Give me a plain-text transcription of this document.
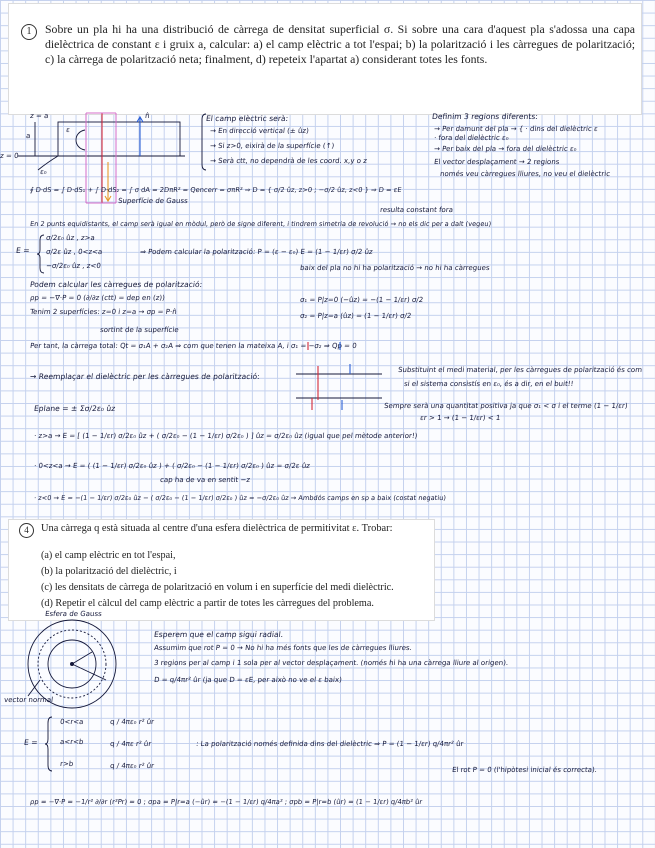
1	Sobre un pla hi ha una distribució de càrrega de densitat superficial σ. Si sobre una cara d'aquest pla s'adossa una capa dielèctrica de constant ε i gruix a, calcular: a) el camp elèctric a tot l'espai; b) la polarització i les càrregues de polarització; c) la càrrega de polarització neta; finalment, d) repeteix l'apartat a) considerant totes les fonts.
z = a
z = 0
a
ε
ε₀
Superfície de Gauss
n̂	El camp elèctric serà:
→ En direcció vertical (± ûz)
→ Si z>0, eixirà de la superfície (↑)
→ Serà ctt, no dependrà de les coord. x,y o z
Definim 3 regions diferents:
→ Per damunt del pla → { · dins del dielèctric ε
· fora del dielèctric ε₀
→ Per baix del pla → fora del dielèctric ε₀
El vector desplaçament → 2 regions
només veu càrregues lliures, no veu el dielèctric
∮ D·dS = ∫ D·dS₁ + ∫ D·dS₂ = ∫ σ dA = 2DπR² = Qencerr = σπR² ⇒ D = { σ/2 ûz, z>0 ; −σ/2 ûz, z<0 } ⇒ D = εE
resulta constant fora
En 2 punts equidistants, el camp serà igual en mòdul, però de signe diferent, i tindrem simetria de revolució → no els dic per a dalt (vegeu)
E =
σ/2ε₀ ûz , z>a
σ/2ε ûz , 0<z<a
−σ/2ε₀ ûz , z<0
⇒ Podem calcular la polarització: P = (ε − ε₀) E = (1 − 1/εr) σ/2 ûz
baix del pla no hi ha polarització → no hi ha càrregues
Podem calcular les càrregues de polarització:
ρp = −∇·P = 0 (∂/∂z (ctt) = dep en (z))
Tenim 2 superfícies: z=0 i z=a → σp = P·n̂
σ₁ = P|z=0 (−ûz) = −(1 − 1/εr) σ/2
σ₂ = P|z=a (ûz) = (1 − 1/εr) σ/2
sortint de la superfície
Per tant, la càrrega total: Qt = σ₁A + σ₂A ⇒ com que tenen la mateixa A, i σ₁ = −σ₂ ⇒ Qp = 0
→ Reemplaçar el dielèctric per les càrregues de polarització:
Substituint el medi material, per les càrregues de polarització és com
si el sistema consistís en ε₀, és a dir, en el buit!!
Eplane = ± Σσ/2ε₀ ûz	Sempre serà una quantitat positiva ja que σ₁ < σ i el terme (1 − 1/εr)
εr > 1 → (1 − 1/εr) < 1
· z>a → E = [ (1 − 1/εr) σ/2ε₀ ûz + ( σ/2ε₀ − (1 − 1/εr) σ/2ε₀ ) ] ûz = σ/2ε₀ ûz (igual que pel mètode anterior!)
· 0<z<a → E = ( (1 − 1/εr) σ/2ε₀ ûz ) + ( σ/2ε₀ − (1 − 1/εr) σ/2ε₀ ) ûz = σ/2ε ûz
cap ha de va en sentit −z
· z<0 → E = −(1 − 1/εr) σ/2ε₀ ûz − ( σ/2ε₀ − (1 − 1/εr) σ/2ε₀ ) ûz = −σ/2ε₀ ûz → Ambdós camps en sp a baix (costat negatiu)
4	Una càrrega q està situada al centre d'una esfera dielèctrica de permitivitat ε. Trobar:
(a) el camp elèctric en tot l'espai,
(b) la polarització del dielèctric, i
(c) les densitats de càrrega de polarització en volum i en superfície del medi dielèctric.
(d) Repetir el càlcul del camp elèctric a partir de totes les càrregues del problema.
Esfera de Gauss
vector normal
Esperem que el camp sigui radial.
Assumim que rot P = 0 → No hi ha més fonts que les de càrregues lliures.
3 regions per al camp i 1 sola per al vector desplaçament. (només hi ha una càrrega lliure al origen).
D = q/4πr² ûr (ja que D = εE, per això no ve el ε baix)
E =
0<r<a	q / 4πε₀ r² ûr
a<r<b	q / 4πε r² ûr
r>b	q / 4πε₀ r² ûr
: La polarització només definida dins del dielèctric ⇒ P = (1 − 1/εr) q/4πr² ûr
El rot P = 0 (l'hipòtesi inicial és correcta).
ρp = −∇·P = −1/r² ∂/∂r (r²Pr) = 0 ; σpa = P|r=a (−ûr) = −(1 − 1/εr) q/4πa² ; σpb = P|r=b (ûr) = (1 − 1/εr) q/4πb² ûr
